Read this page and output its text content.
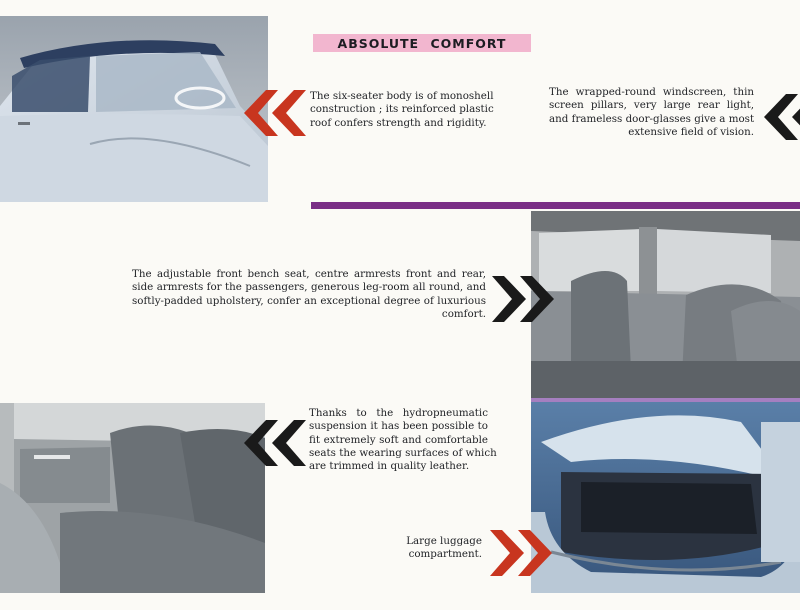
ABSOLUTE COMFORT
The six-seater body is of monoshell
construction ; its reinforced plastic
roof confers strength and rigidity.
The wrapped-round windscreen, thin
screen pillars, very large rear light,
and frameless door-glasses give a most
extensive field of vision.
The adjustable front bench seat, centre armrests front and rear,
side armrests for the passengers, generous leg-room all round, and
softly-padded upholstery, confer an exceptional degree of luxurious
comfort.
Thanks to the hydropneumatic
suspension it has been possible to
fit extremely soft and comfortable
seats the wearing surfaces of which
are trimmed in quality leather.
Large luggage
compartment.
